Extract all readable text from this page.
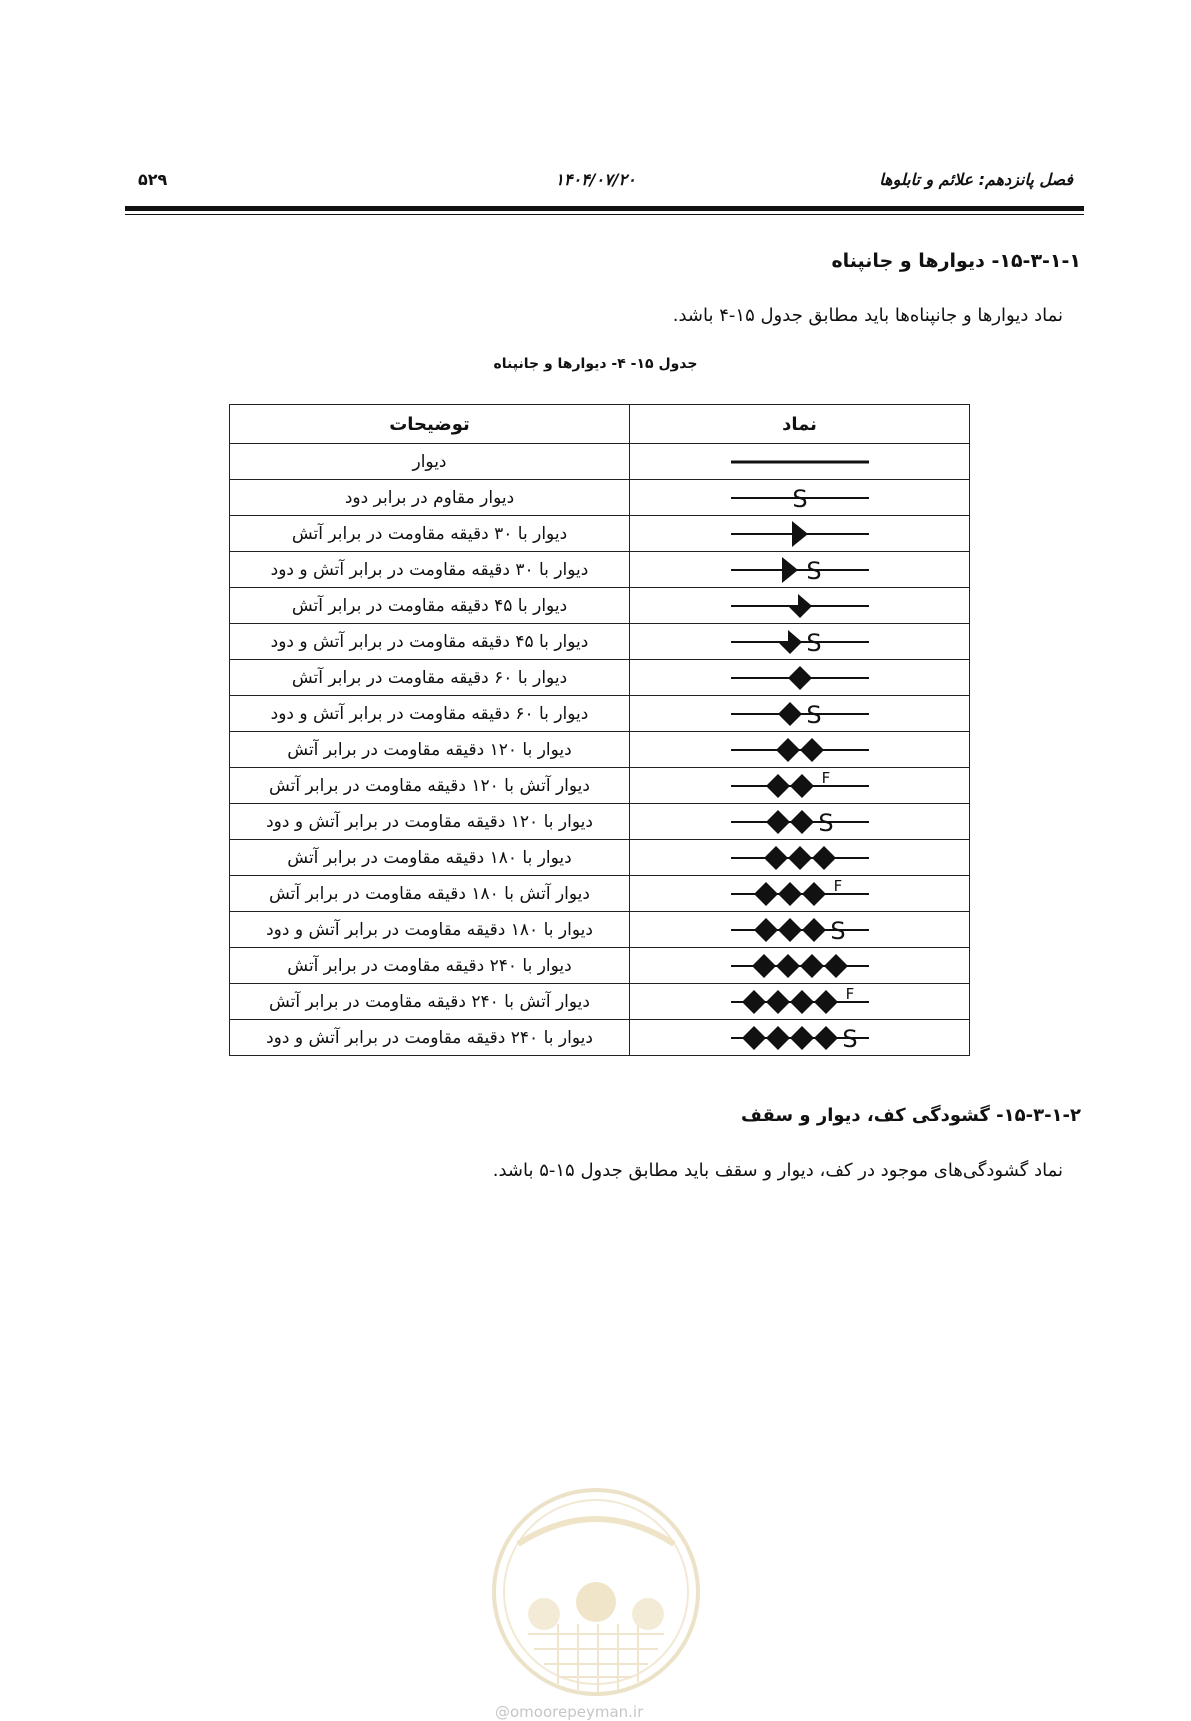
فصل پانزدهم: علائم و تابلوها
۱۴۰۴/۰۷/۲۰
۵۲۹
۱۵-۳-۱-۱- دیوارها و جانپناه
نماد دیوارها و جانپناه‌ها باید مطابق جدول ۱۵-۴ باشد.
جدول ۱۵- ۴- دیوارها و جانپناه
توضیحات	نماد
دیوار	

دیوار مقاوم در برابر دود	S

دیوار با ۳۰ دقیقه مقاومت در برابر آتش	

دیوار با ۳۰ دقیقه مقاومت در برابر آتش و دود	S

دیوار با ۴۵ دقیقه مقاومت در برابر آتش	

دیوار با ۴۵ دقیقه مقاومت در برابر آتش و دود	S

دیوار با ۶۰ دقیقه مقاومت در برابر آتش	

دیوار با ۶۰ دقیقه مقاومت در برابر آتش و دود	S

دیوار با ۱۲۰ دقیقه مقاومت در برابر آتش	

دیوار آتش با ۱۲۰ دقیقه مقاومت در برابر آتش	F

دیوار با ۱۲۰ دقیقه مقاومت در برابر آتش و دود	S

دیوار با ۱۸۰ دقیقه مقاومت در برابر آتش	

دیوار آتش با ۱۸۰ دقیقه مقاومت در برابر آتش	F

دیوار با ۱۸۰ دقیقه مقاومت در برابر آتش و دود	S

دیوار با ۲۴۰ دقیقه مقاومت در برابر آتش	

دیوار آتش با ۲۴۰ دقیقه مقاومت در برابر آتش	F

دیوار با ۲۴۰ دقیقه مقاومت در برابر آتش و دود	S
۱۵-۳-۱-۲- گشودگی کف، دیوار و سقف
نماد گشودگی‌های موجود در کف، دیوار و سقف باید مطابق جدول ۱۵-۵ باشد.
@omoorepeyman.ir
